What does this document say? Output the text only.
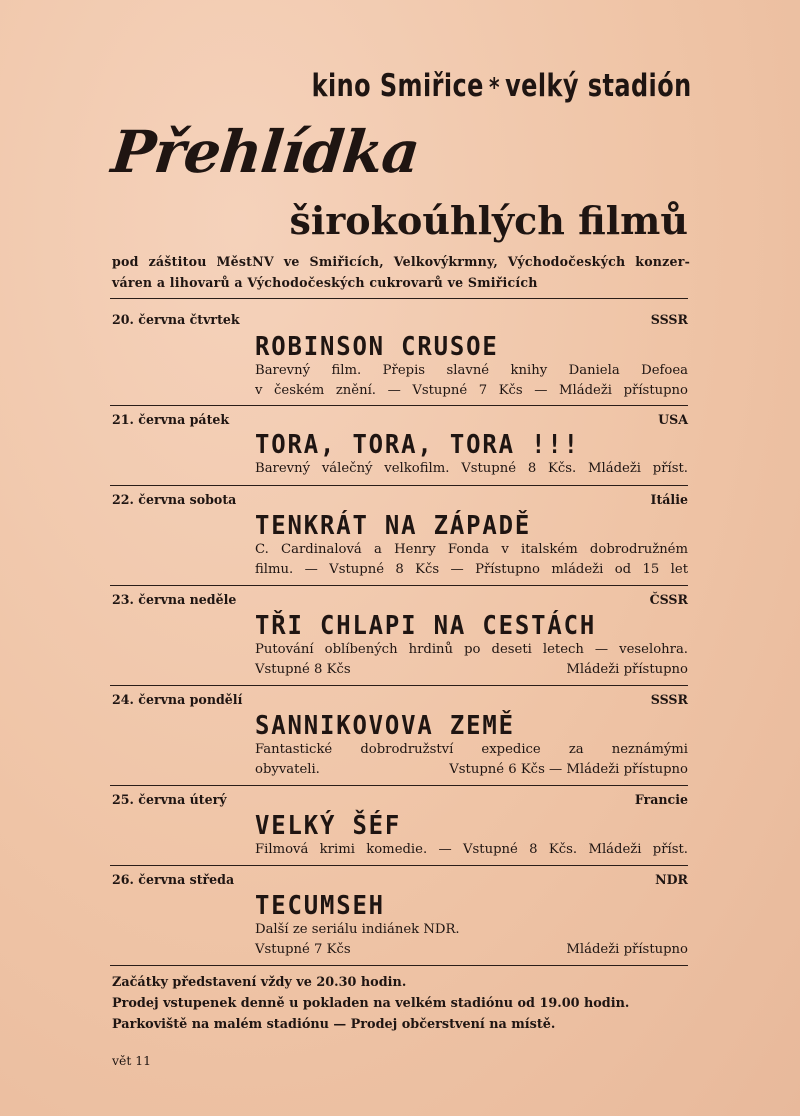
kino Smiřice * velký stadión
Přehlídka
širokoúhlých filmů
pod záštitou MěstNV ve Smiřicích, Velkovýkrmny, Východočeských konzer-
váren a lihovarů a Východočeských cukrovarů ve Smiřicích
20. června čtvrtek	SSSR
ROBINSON CRUSOE
Barevný film. Přepis slavné knihy Daniela Defoea
v českém znění. — Vstupné 7 Kčs — Mládeži přístupno
21. června pátek	USA
TORA, TORA, TORA !!!
Barevný válečný velkofilm. Vstupné 8 Kčs. Mládeži příst.
22. června sobota	Itálie
TENKRÁT NA ZÁPADĚ
C. Cardinalová a Henry Fonda v italském dobrodružném
filmu. — Vstupné 8 Kčs — Přístupno mládeži od 15 let
23. června neděle	ČSSR
TŘI CHLAPI NA CESTÁCH
Putování oblíbených hrdinů po deseti letech — veselohra.
Vstupné 8 Kčs	Mládeži přístupno
24. června pondělí	SSSR
SANNIKOVOVA ZEMĚ
Fantastické dobrodružství expedice za neznámými
obyvateli.	Vstupné 6 Kčs — Mládeži přístupno
25. června úterý	Francie
VELKÝ ŠÉF
Filmová krimi komedie. — Vstupné 8 Kčs. Mládeži příst.
26. června středa	NDR
TECUMSEH
Další ze seriálu indiánek NDR.
Vstupné 7 Kčs	Mládeži přístupno
Začátky představení vždy ve 20.30 hodin.
Prodej vstupenek denně u pokladen na velkém stadiónu od 19.00 hodin.
Parkoviště na malém stadiónu — Prodej občerstvení na místě.
vět 11
